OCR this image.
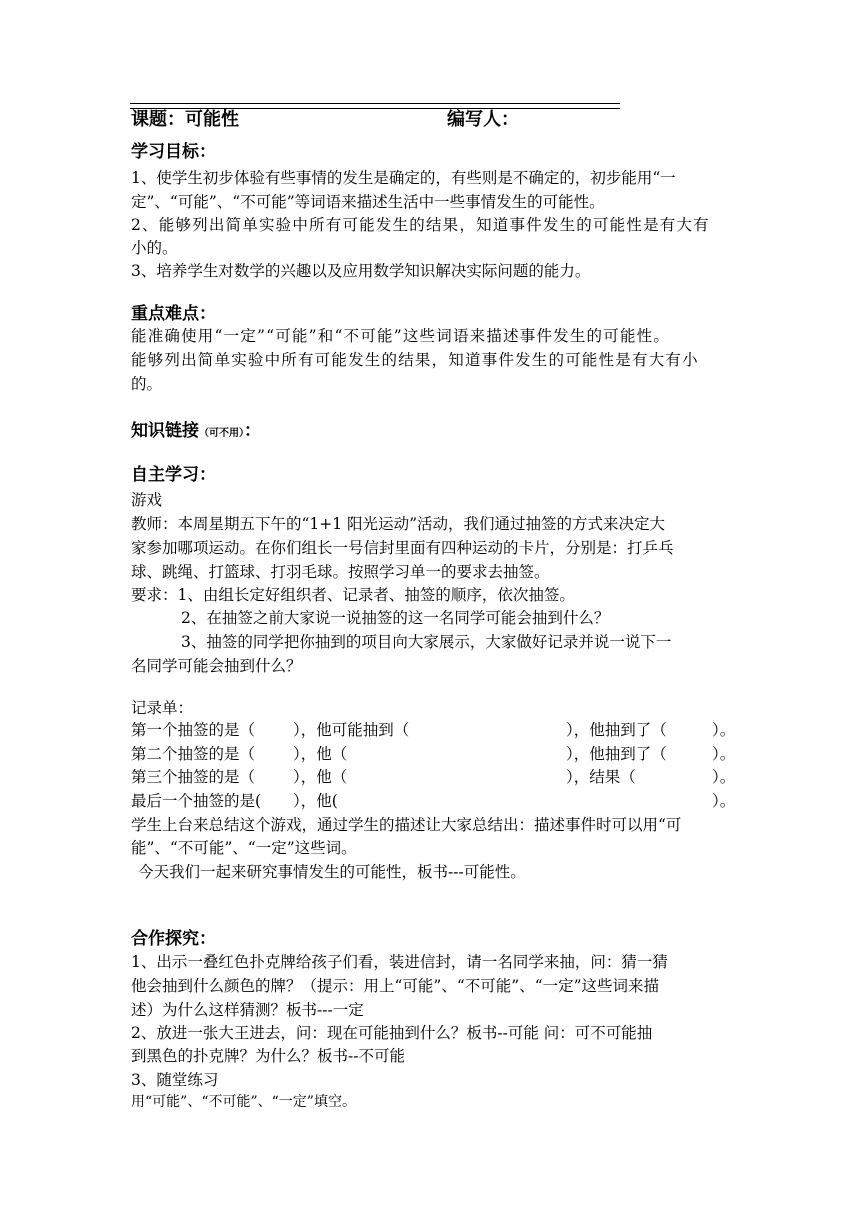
课题：可能性	编写人：
学习目标：
1、使学生初步体验有些事情的发生是确定的，有些则是不确定的，初步能用“一
定”、“可能”、“不可能”等词语来描述生活中一些事情发生的可能性。
2、能够列出简单实验中所有可能发生的结果，知道事件发生的可能性是有大有
小的。
3、培养学生对数学的兴趣以及应用数学知识解决实际问题的能力。
重点难点：
能准确使用“一定”“可能”和“不可能”这些词语来描述事件发生的可能性。
能够列出简单实验中所有可能发生的结果，知道事件发生的可能性是有大有小
的。
知识链接（可不用）：
自主学习：
游戏
教师：本周星期五下午的“1+1 阳光运动”活动，我们通过抽签的方式来决定大
家参加哪项运动。在你们组长一号信封里面有四种运动的卡片，分别是：打乒乓
球、跳绳、打篮球、打羽毛球。按照学习单一的要求去抽签。
要求：1、由组长定好组织者、记录者、抽签的顺序，依次抽签。
2、在抽签之前大家说一说抽签的这一名同学可能会抽到什么？
3、抽签的同学把你抽到的项目向大家展示，大家做好记录并说一说下一
名同学可能会抽到什么？
记录单：
第一个抽签的是（ ），他可能抽到（	），他抽到了（	）。
第二个抽签的是（ ），他（	），他抽到了（	）。
第三个抽签的是（ ），他（	），结果（	）。
最后一个抽签的是( ），他(	）。
学生上台来总结这个游戏，通过学生的描述让大家总结出：描述事件时可以用“可
能”、“不可能”、“一定”这些词。
今天我们一起来研究事情发生的可能性，板书---可能性。
合作探究：
1、出示一叠红色扑克牌给孩子们看，装进信封，请一名同学来抽，问：猜一猜
他会抽到什么颜色的牌？（提示：用上“可能”、“不可能”、“一定”这些词来描
述）为什么这样猜测？板书---一定
2、放进一张大王进去，问：现在可能抽到什么？板书--可能 问：可不可能抽
到黑色的扑克牌？为什么？板书--不可能
3、随堂练习
用“可能”、“不可能”、“一定”填空。
